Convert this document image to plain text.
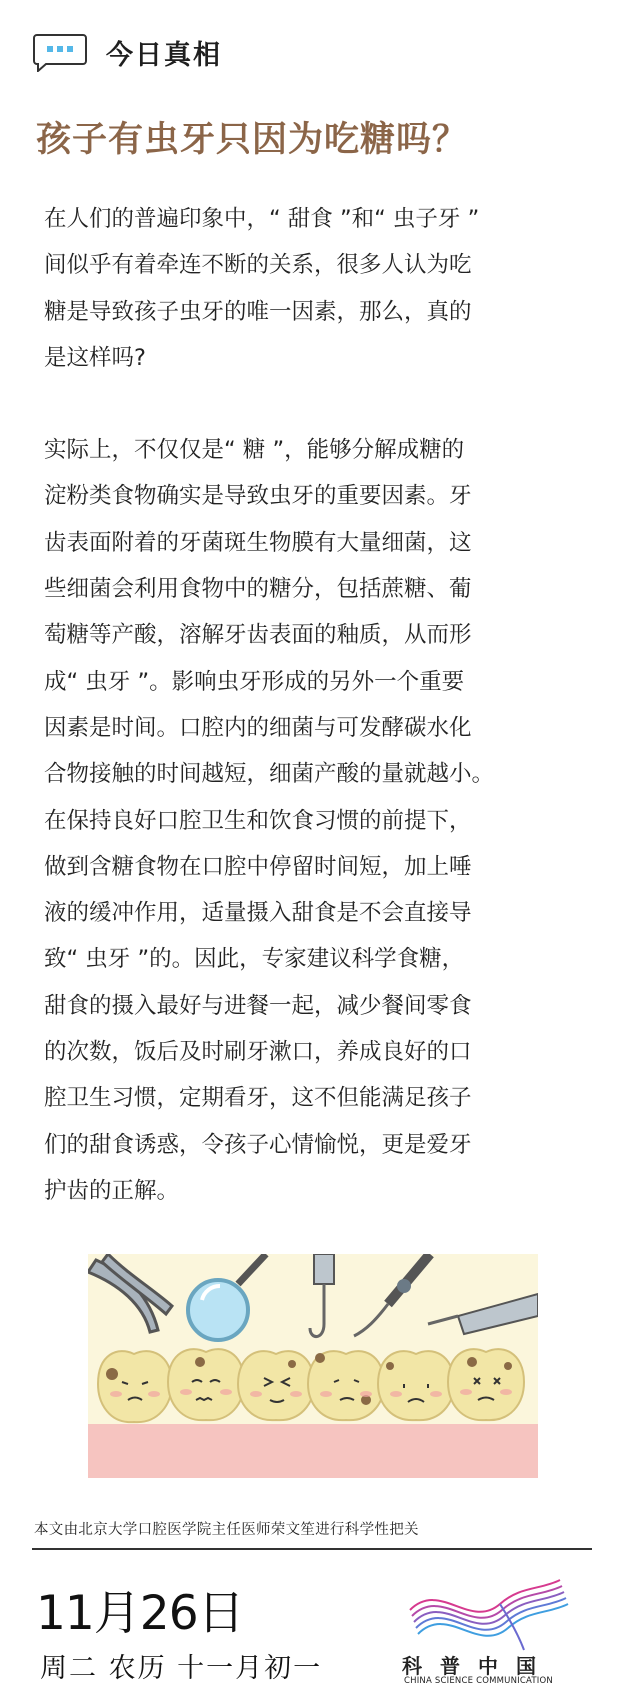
今日真相
孩子有虫牙只因为吃糖吗？

在人们的普遍印象中，“ 甜食 ”和“ 虫子牙 ”
间似乎有着牵连不断的关系，很多人认为吃
糖是导致孩子虫牙的唯一因素，那么，真的
是这样吗?

实际上，不仅仅是“ 糖 ”，能够分解成糖的
淀粉类食物确实是导致虫牙的重要因素。牙
齿表面附着的牙菌斑生物膜有大量细菌，这
些细菌会利用食物中的糖分，包括蔗糖、葡
萄糖等产酸，溶解牙齿表面的釉质，从而形
成“ 虫牙 ”。影响虫牙形成的另外一个重要
因素是时间。口腔内的细菌与可发酵碳水化
合物接触的时间越短，细菌产酸的量就越小。
在保持良好口腔卫生和饮食习惯的前提下，
做到含糖食物在口腔中停留时间短，加上唾
液的缓冲作用，适量摄入甜食是不会直接导
致“ 虫牙 ”的。因此，专家建议科学食糖，
甜食的摄入最好与进餐一起，减少餐间零食
的次数，饭后及时刷牙漱口，养成良好的口
腔卫生习惯，定期看牙，这不但能满足孩子
们的甜食诱惑，令孩子心情愉悦，更是爱牙
护齿的正解。

本文由北京大学口腔医学院主任医师荣文笙进行科学性把关
11月26日
周二 农历 十一月初一	科普中国
CHINA SCIENCE COMMUNICATION
